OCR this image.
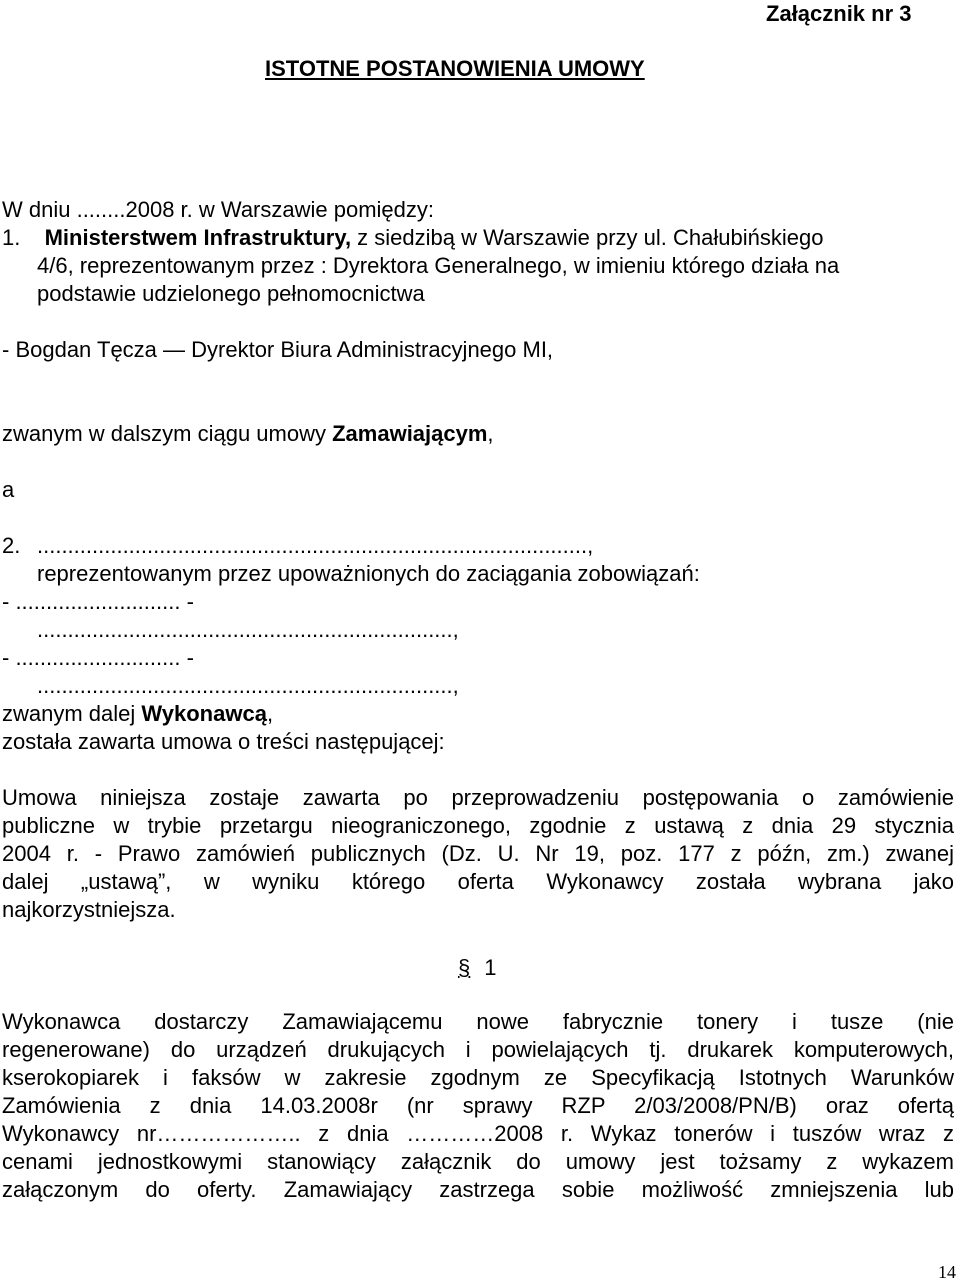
Załącznik nr 3
ISTOTNE POSTANOWIENIA UMOWY
W dniu ........2008 r. w Warszawie pomiędzy:
1. Ministerstwem Infrastruktury, z siedzibą w Warszawie przy ul. Chałubińskiego
4/6, reprezentowanym przez : Dyrektora Generalnego, w imieniu którego działa na
podstawie udzielonego pełnomocnictwa
- Bogdan Tęcza — Dyrektor Biura Administracyjnego MI,
zwanym w dalszym ciągu umowy Zamawiającym,
a
2. ..........................................................................................,
reprezentowanym przez upoważnionych do zaciągania zobowiązań:
- ........................... -
....................................................................,
- ........................... -
....................................................................,
zwanym dalej Wykonawcą,
została zawarta umowa o treści następującej:
Umowa niniejsza zostaje zawarta po przeprowadzeniu postępowania o zamówienie
publiczne w trybie przetargu nieograniczonego, zgodnie z ustawą z dnia 29 stycznia
2004 r. - Prawo zamówień publicznych (Dz. U. Nr 19, poz. 177 z późn, zm.) zwanej
dalej „ustawą”, w wyniku którego oferta Wykonawcy została wybrana jako
najkorzystniejsza.
§ 1
Wykonawca dostarczy Zamawiającemu nowe fabrycznie tonery i tusze (nie
regenerowane) do urządzeń drukujących i powielających tj. drukarek komputerowych,
kserokopiarek i faksów w zakresie zgodnym ze Specyfikacją Istotnych Warunków
Zamówienia z dnia 14.03.2008r (nr sprawy RZP 2/03/2008/PN/B) oraz ofertą
Wykonawcy nr……………….. z dnia …………2008 r. Wykaz tonerów i tuszów wraz z
cenami jednostkowymi stanowiący załącznik do umowy jest tożsamy z wykazem
załączonym do oferty. Zamawiający zastrzega sobie możliwość zmniejszenia lub
14
